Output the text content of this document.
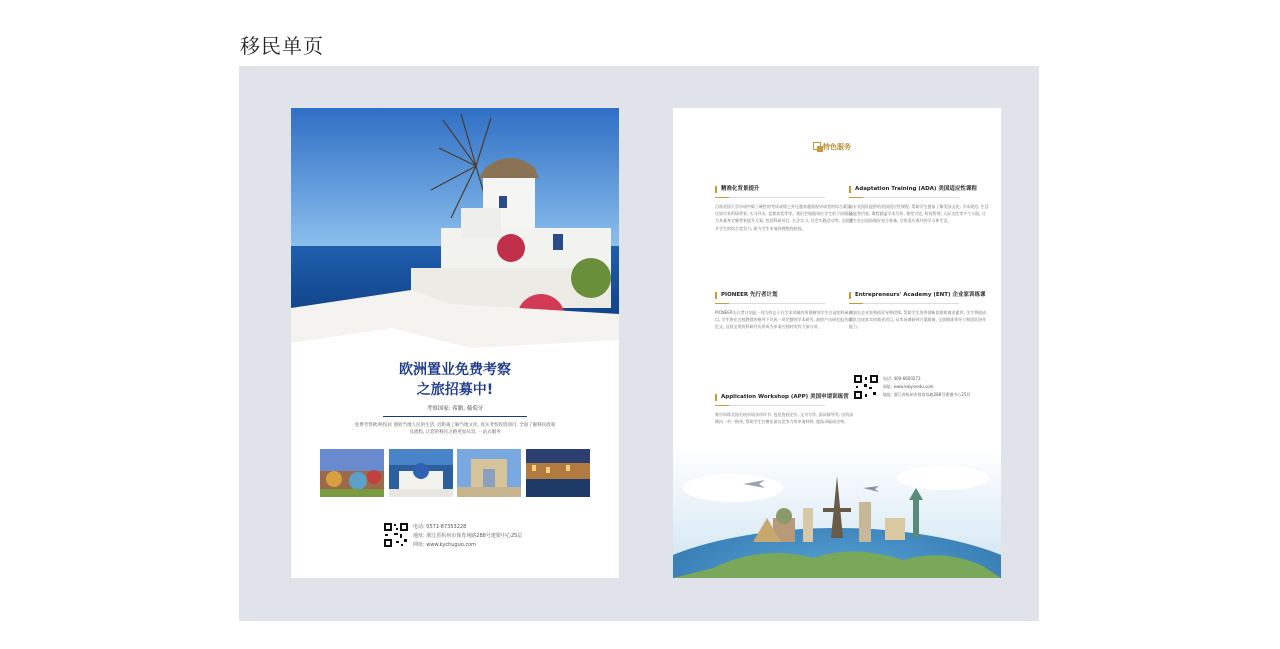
移民单页
欧洲置业免费考察
之旅招募中!
考察国家: 希腊, 葡萄牙
免费考察欧洲名国: 感验当地人民的生活, 近距离了解当地文化, 真实考察投资项目, 全面了解移民政策及流程, 让您的移民之路更加从容, 一站式服务
电话: 0571-87353228
地址: 浙江省杭州市体育场路288号建银中心25层
网址: www.kychuguo.com
特色服务
精准化背景提升
目前美国大学申请中除了硬性的考试成绩之外还越来越重视申请者的综合素质, 比如学术科研背景, 实习经历, 竞赛获奖等等。我们会根据每位学生的不同情况为其量身定制背景提升方案, 包括科研项目, 名企实习, 社会实践活动等, 全面提升学生的综合竞争力, 助力学生申请到理想的院校。
Adaptation Training (ADA) 美国适应性课程
由专业团队提供的美国适应性课程, 帮助学生提前了解美国文化, 学术规范, 生活技能等内容, 课程涵盖学术写作, 课堂讨论, 时间管理, 人际交往等多个方面, 让学生在出国前做好充分准备, 尽快适应海外的学习和生活。
PIONEER 先行者计划
PIONEER先行者计划是一项为有志于在学术领域有所建树的学生打造的科研项目, 学生将在名校教授的指导下完成一项完整的学术研究, 最终产出研究报告或论文, 这段宝贵的科研经历将成为申请名校时的有力加分项。
Entrepreneurs' Academy (ENT) 企业家训练课
由知名企业家和创业导师授课, 帮助学生培养创新思维和商业素养, 学生将组成团队完成真实的商业项目, 从市场调研到方案路演, 全面锻炼领导力和团队协作能力。
Application Workshop (APP) 美国申请训练营
集中训练美国名校申请各项环节, 包括选校定位, 文书写作, 面试辅导等, 由资深顾问一对一指导, 帮助学生打磨出最具竞争力的申请材料, 提高录取成功率。
电话: 400-6600273
网址: www.kaiyinedu.com
地址: 浙江省杭州市体育场路288号建银中心25层
